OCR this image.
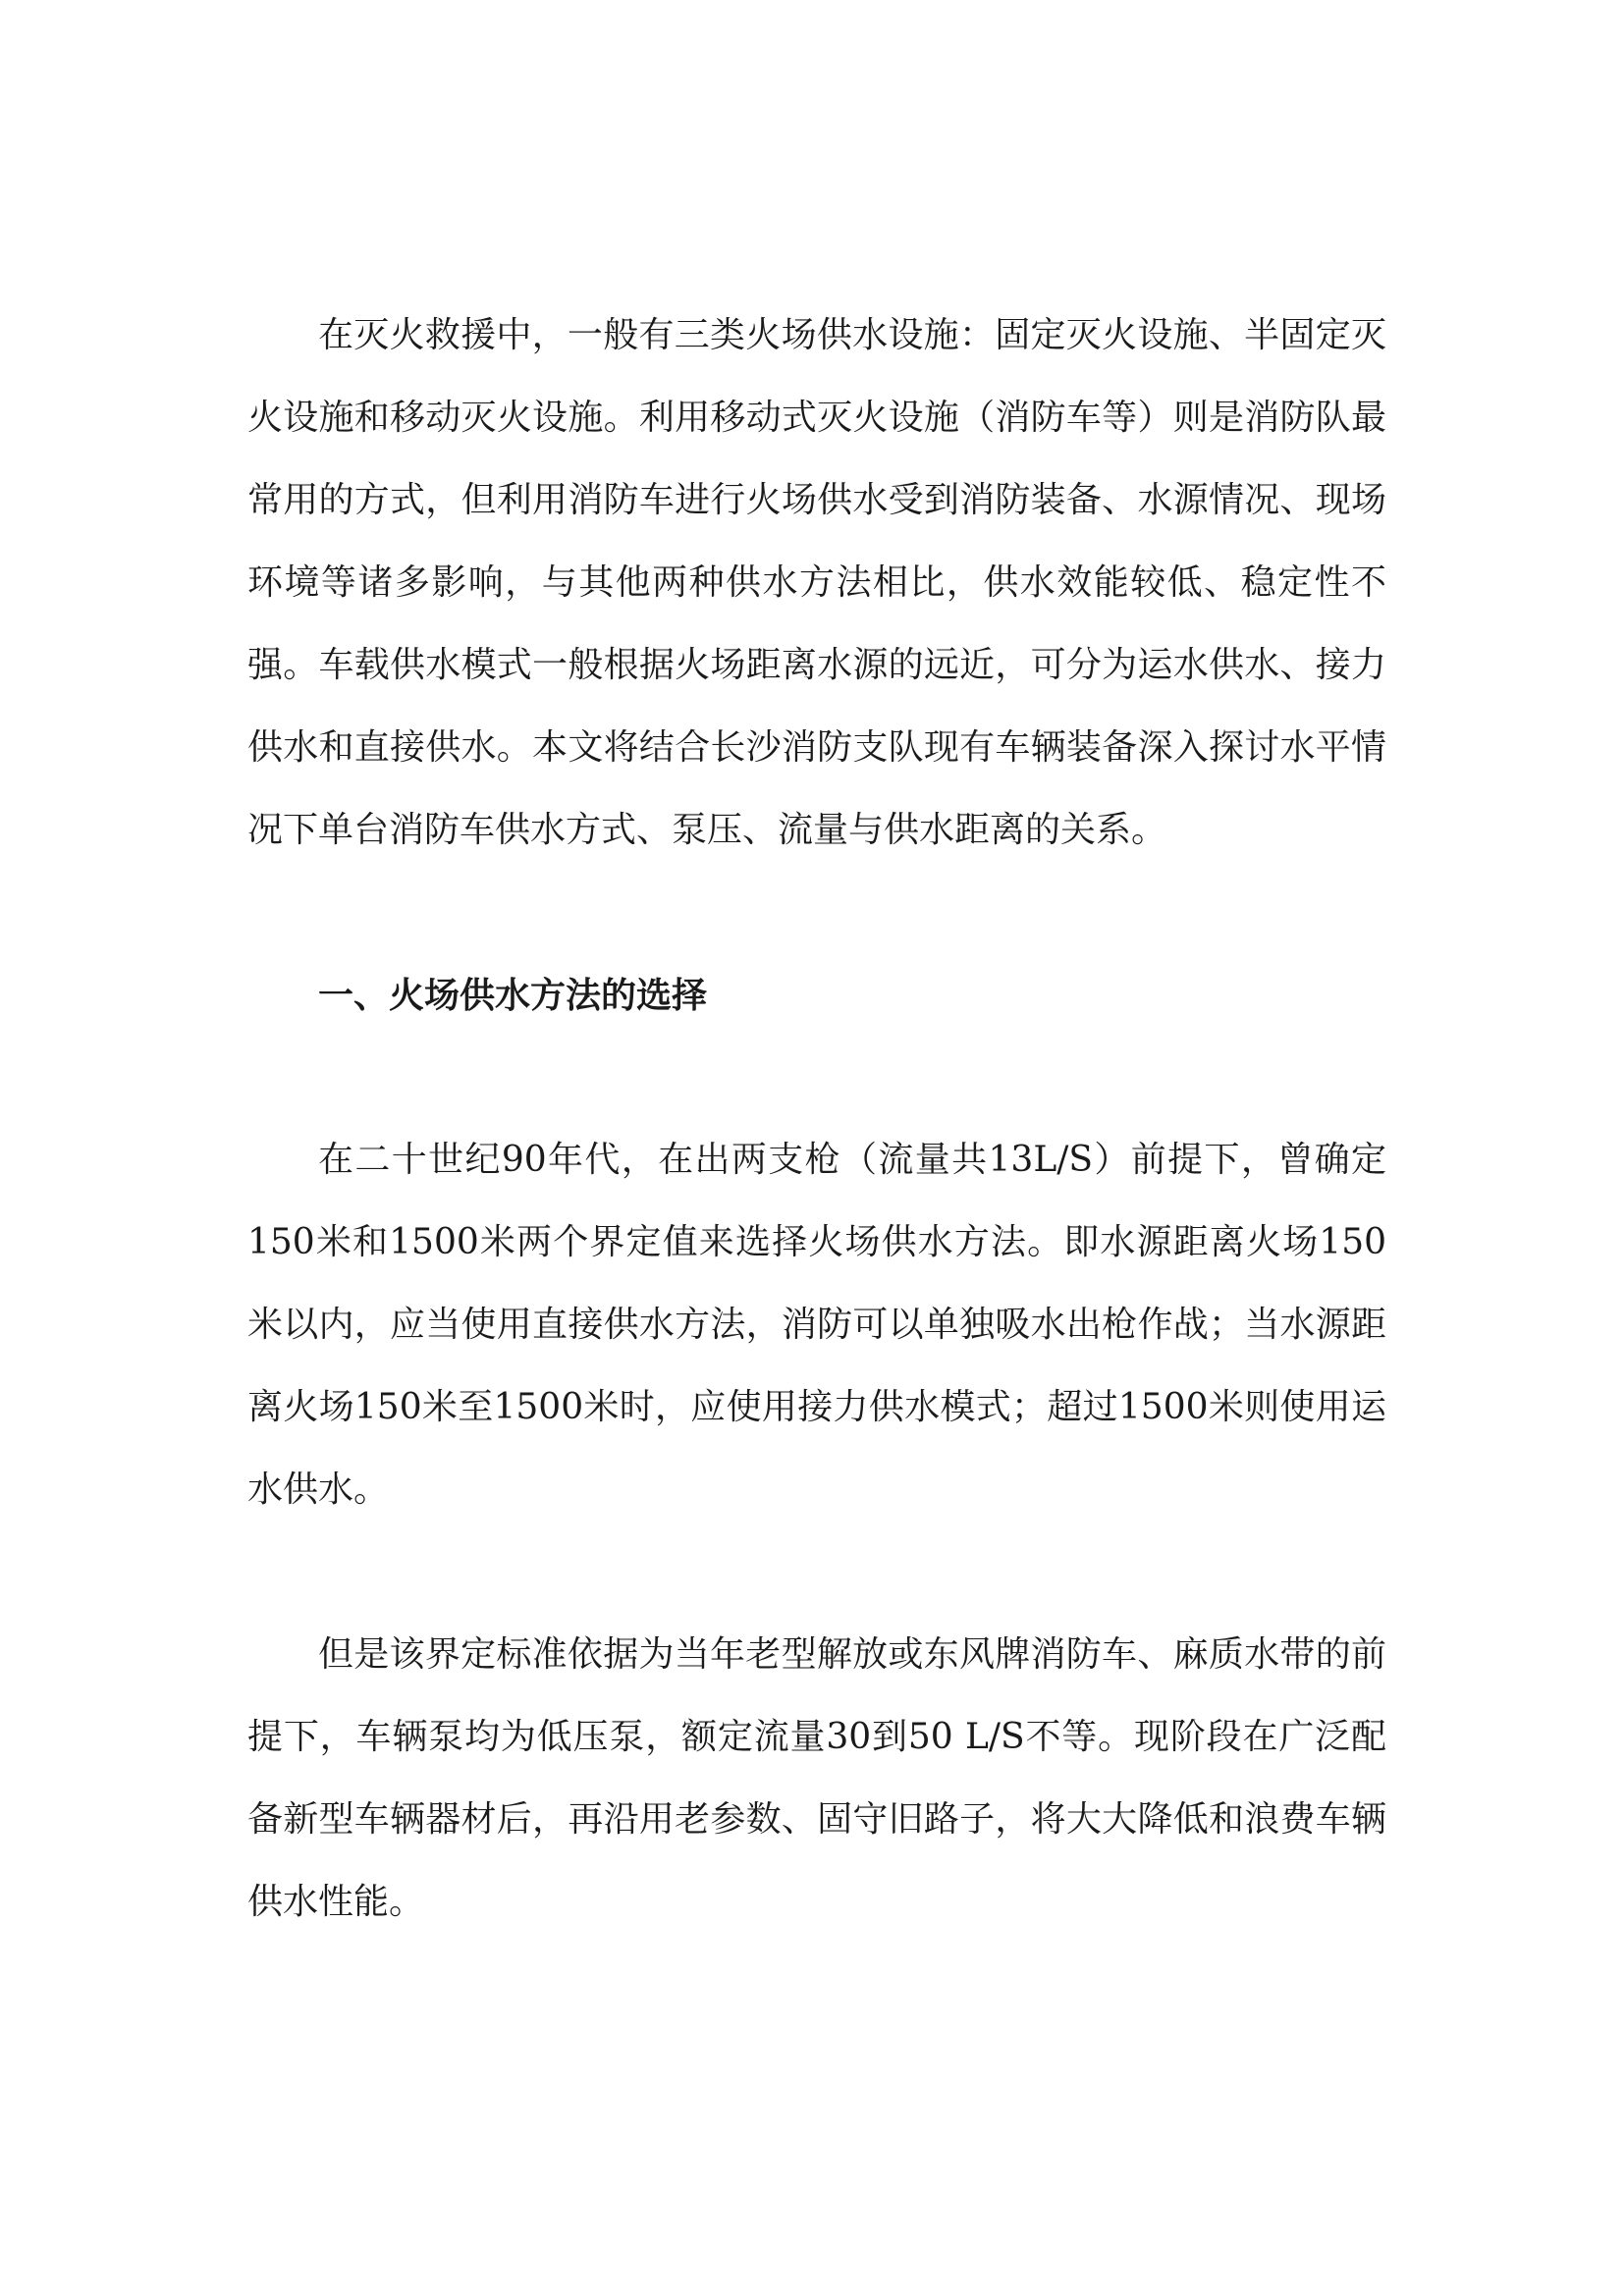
在灭火救援中，一般有三类火场供水设施：固定灭火设施、半固定灭火设施和移动灭火设施。利用移动式灭火设施（消防车等）则是消防队最常用的方式，但利用消防车进行火场供水受到消防装备、水源情况、现场环境等诸多影响，与其他两种供水方法相比，供水效能较低、稳定性不强。车载供水模式一般根据火场距离水源的远近，可分为运水供水、接力供水和直接供水。本文将结合长沙消防支队现有车辆装备深入探讨水平情况下单台消防车供水方式、泵压、流量与供水距离的关系。

一、火场供水方法的选择

在二十世纪90年代，在出两支枪（流量共13L/S）前提下，曾确定150米和1500米两个界定值来选择火场供水方法。即水源距离火场150米以内，应当使用直接供水方法，消防可以单独吸水出枪作战；当水源距离火场150米至1500米时，应使用接力供水模式；超过1500米则使用运水供水。

但是该界定标准依据为当年老型解放或东风牌消防车、麻质水带的前提下，车辆泵均为低压泵，额定流量30到50 L/S不等。现阶段在广泛配备新型车辆器材后，再沿用老参数、固守旧路子，将大大降低和浪费车辆供水性能。
